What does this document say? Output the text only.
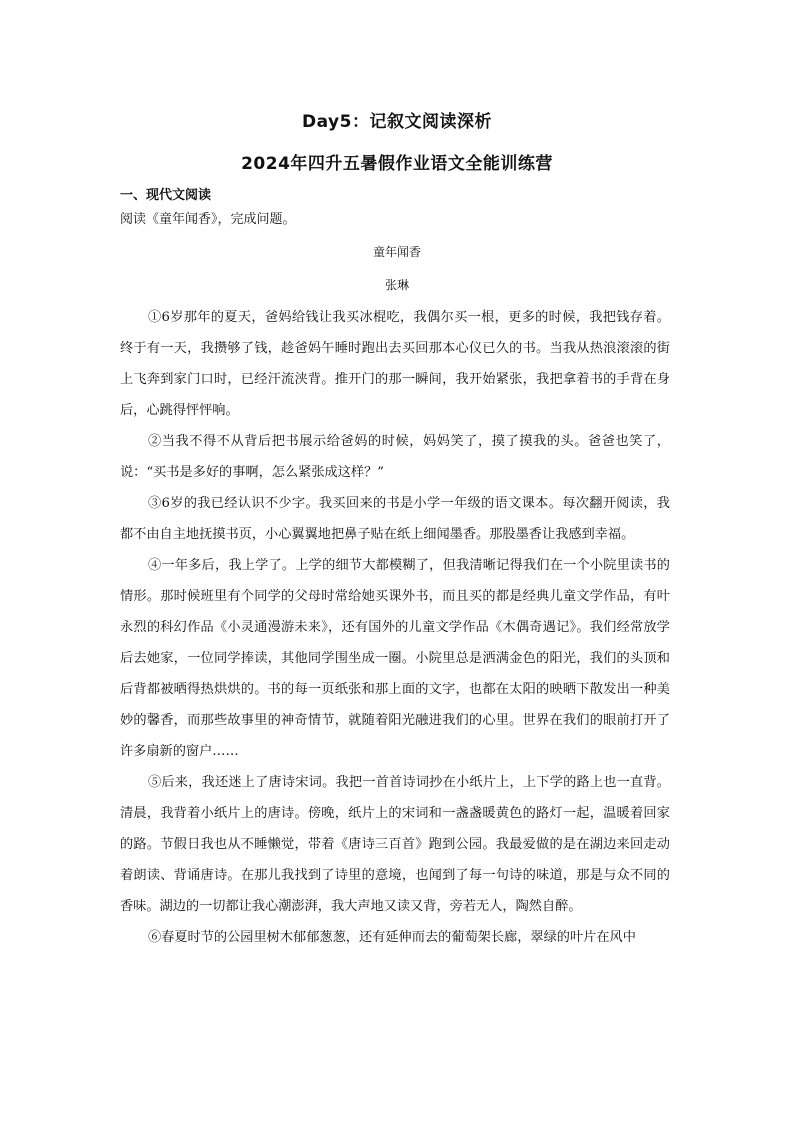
Day5：记叙文阅读深析
2024年四升五暑假作业语文全能训练营
一、现代文阅读
阅读《童年闻香》，完成问题。
童年闻香
张琳

①6岁那年的夏天，爸妈给钱让我买冰棍吃，我偶尔买一根，更多的时候，我把钱存着。终于有一天，我攒够了钱，趁爸妈午睡时跑出去买回那本心仪已久的书。当我从热浪滚滚的街上飞奔到家门口时，已经汗流浃背。推开门的那一瞬间，我开始紧张，我把拿着书的手背在身后，心跳得怦怦响。

②当我不得不从背后把书展示给爸妈的时候，妈妈笑了，摸了摸我的头。爸爸也笑了，说：“买书是多好的事啊，怎么紧张成这样？”

③6岁的我已经认识不少字。我买回来的书是小学一年级的语文课本。每次翻开阅读，我都不由自主地抚摸书页，小心翼翼地把鼻子贴在纸上细闻墨香。那股墨香让我感到幸福。

④一年多后，我上学了。上学的细节大都模糊了，但我清晰记得我们在一个小院里读书的情形。那时候班里有个同学的父母时常给她买课外书，而且买的都是经典儿童文学作品，有叶永烈的科幻作品《小灵通漫游未来》，还有国外的儿童文学作品《木偶奇遇记》。我们经常放学后去她家，一位同学捧读，其他同学围坐成一圈。小院里总是洒满金色的阳光，我们的头顶和后背都被晒得热烘烘的。书的每一页纸张和那上面的文字，也都在太阳的映晒下散发出一种美妙的馨香，而那些故事里的神奇情节，就随着阳光融进我们的心里。世界在我们的眼前打开了许多扇新的窗户……

⑤后来，我还迷上了唐诗宋词。我把一首首诗词抄在小纸片上，上下学的路上也一直背。清晨，我背着小纸片上的唐诗。傍晚，纸片上的宋词和一盏盏暖黄色的路灯一起，温暖着回家的路。节假日我也从不睡懒觉，带着《唐诗三百首》跑到公园。我最爱做的是在湖边来回走动着朗读、背诵唐诗。在那儿我找到了诗里的意境，也闻到了每一句诗的味道，那是与众不同的香味。湖边的一切都让我心潮澎湃，我大声地又读又背，旁若无人，陶然自醉。

⑥春夏时节的公园里树木郁郁葱葱，还有延伸而去的葡萄架长廊，翠绿的叶片在风中
